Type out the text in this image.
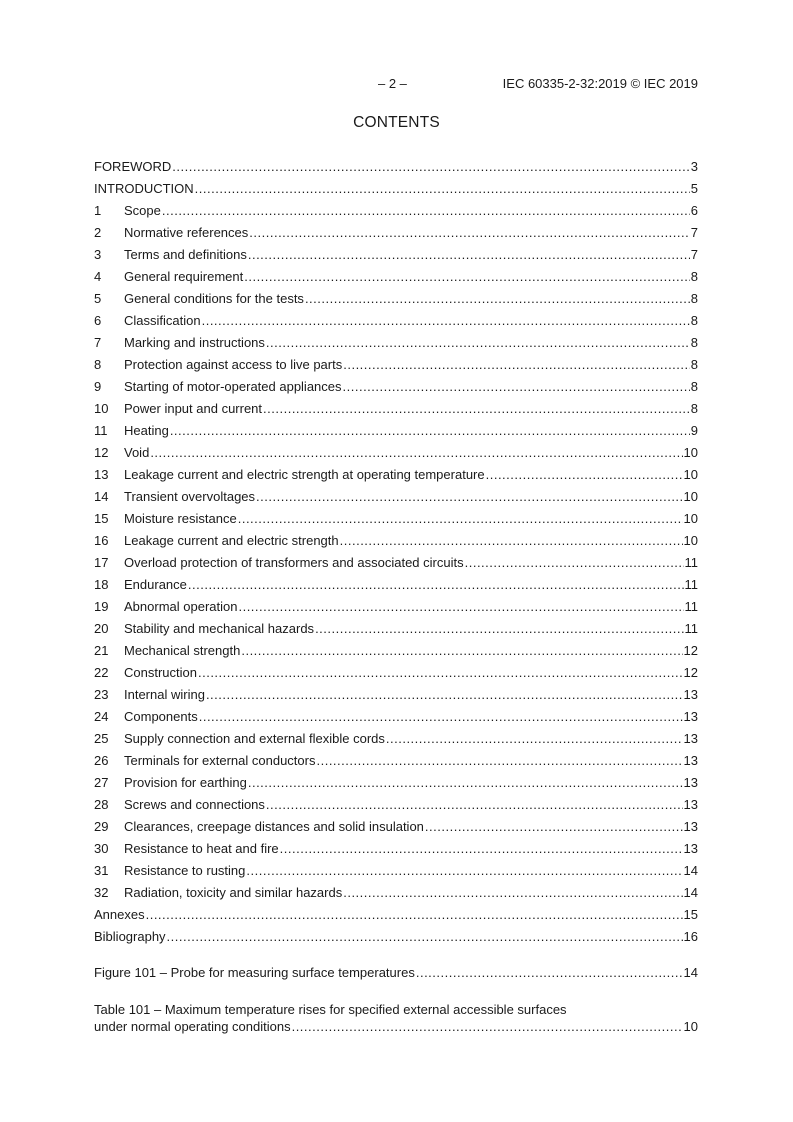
– 2 –	IEC 60335-2-32:2019 © IEC 2019
CONTENTS
FOREWORD .....	3
INTRODUCTION .....	5
1	Scope .....	6
2	Normative references .....	7
3	Terms and definitions .....	7
4	General requirement .....	8
5	General conditions for the tests .....	8
6	Classification .....	8
7	Marking and instructions .....	8
8	Protection against access to live parts .....	8
9	Starting of motor-operated appliances .....	8
10	Power input and current .....	8
11	Heating .....	9
12	Void .....	10
13	Leakage current and electric strength at operating temperature .....	10
14	Transient overvoltages .....	10
15	Moisture resistance .....	10
16	Leakage current and electric strength .....	10
17	Overload protection of transformers and associated circuits .....	11
18	Endurance .....	11
19	Abnormal operation .....	11
20	Stability and mechanical hazards .....	11
21	Mechanical strength .....	12
22	Construction .....	12
23	Internal wiring .....	13
24	Components .....	13
25	Supply connection and external flexible cords .....	13
26	Terminals for external conductors .....	13
27	Provision for earthing .....	13
28	Screws and connections .....	13
29	Clearances, creepage distances and solid insulation .....	13
30	Resistance to heat and fire .....	13
31	Resistance to rusting .....	14
32	Radiation, toxicity and similar hazards .....	14
Annexes .....	15
Bibliography .....	16
Figure 101 – Probe for measuring surface temperatures .....	14
Table 101 – Maximum temperature rises for specified external accessible surfaces
under normal operating conditions .....	10
